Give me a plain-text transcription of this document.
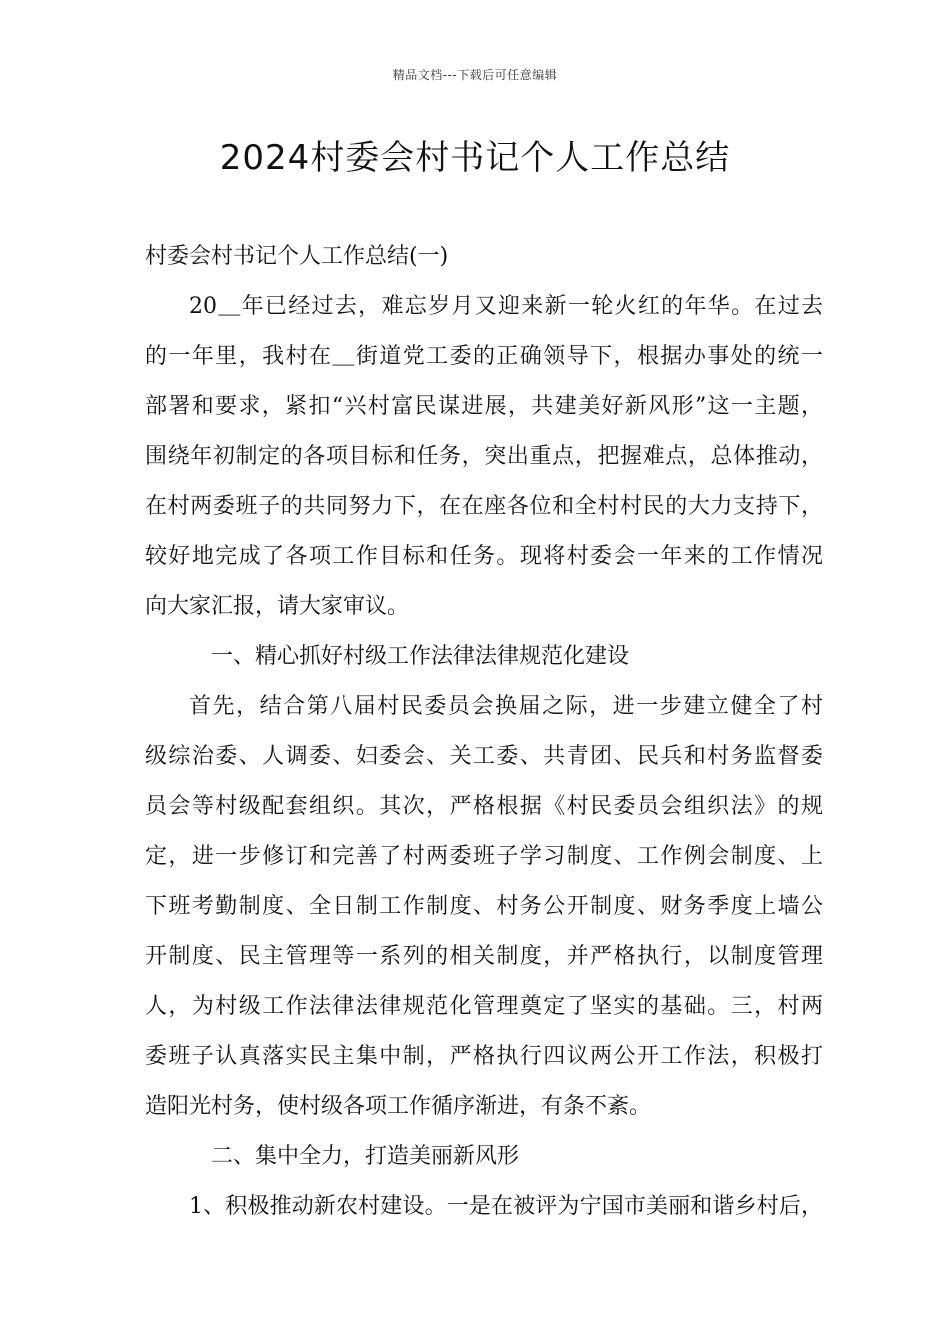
精品文档---下载后可任意编辑
2024村委会村书记个人工作总结
村委会村书记个人工作总结(一)
20＿年已经过去，难忘岁月又迎来新一轮火红的年华。在过去
的一年里，我村在＿街道党工委的正确领导下，根据办事处的统一
部署和要求，紧扣“兴村富民谋进展，共建美好新风形”这一主题，
围绕年初制定的各项目标和任务，突出重点，把握难点，总体推动，
在村两委班子的共同努力下，在在座各位和全村村民的大力支持下，
较好地完成了各项工作目标和任务。现将村委会一年来的工作情况
向大家汇报，请大家审议。
一、精心抓好村级工作法律法律规范化建设
首先，结合第八届村民委员会换届之际，进一步建立健全了村
级综治委、人调委、妇委会、关工委、共青团、民兵和村务监督委
员会等村级配套组织。其次，严格根据《村民委员会组织法》的规
定，进一步修订和完善了村两委班子学习制度、工作例会制度、上
下班考勤制度、全日制工作制度、村务公开制度、财务季度上墙公
开制度、民主管理等一系列的相关制度，并严格执行，以制度管理
人，为村级工作法律法律规范化管理奠定了坚实的基础。三，村两
委班子认真落实民主集中制，严格执行四议两公开工作法，积极打
造阳光村务，使村级各项工作循序渐进，有条不紊。
二、集中全力，打造美丽新风形
1、积极推动新农村建设。一是在被评为宁国市美丽和谐乡村后，
